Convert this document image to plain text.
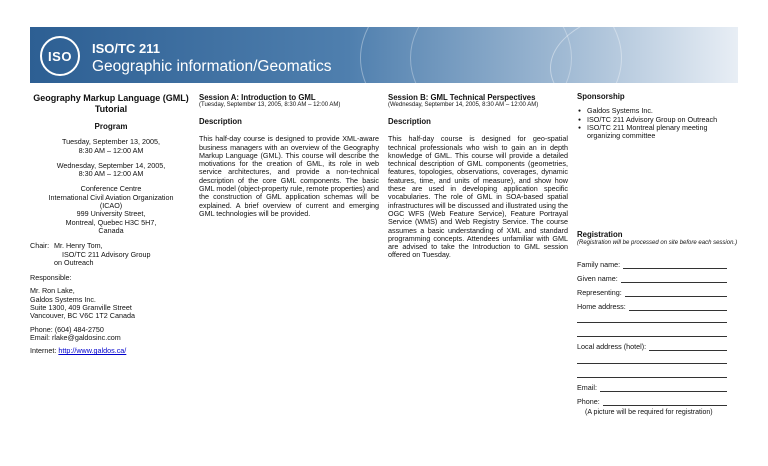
ISO ISO/TC 211
Geographic information/Geomatics
Geography Markup Language (GML) Tutorial
Program
Tuesday, September 13, 2005,
8:30 AM – 12:00 AM
Wednesday, September 14, 2005,
8:30 AM – 12:00 AM
Conference Centre
International Civil Aviation Organization
(ICAO)
999 University Street,
Montreal, Quebec H3C 5H7,
Canada
Chair: Mr. Henry Tom,
ISO/TC 211 Advisory Group
on Outreach
Responsible:
Mr. Ron Lake,
Galdos Systems Inc.
Suite 1300, 409 Granville Street
Vancouver, BC V6C 1T2 Canada
Phone: (604) 484-2750
Email: rlake@galdosinc.com
Internet: http://www.galdos.ca/
Session A: Introduction to GML
(Tuesday, September 13, 2005, 8:30 AM – 12:00 AM)
Description
This half-day course is designed to provide XML-aware business managers with an overview of the Geography Markup Language (GML). This course will describe the motivations for the creation of GML, its role in web service architectures, and provide a non-technical description of the core GML components. The basic GML model (object-property rule, remote properties) and the construction of GML application schemas will be explained. A brief overview of current and emerging GML technologies will be provided.
Session B: GML Technical Perspectives
(Wednesday, September 14, 2005, 8:30 AM – 12:00 AM)
Description
This half-day course is designed for geo-spatial technical professionals who wish to gain an in depth knowledge of GML. This course will provide a detailed technical description of GML components (geometries, features, topologies, observations, coverages, dynamic features, time, and units of measure), and show how these are used in developing application specific vocabularies. The role of GML in SOA-based spatial infrastructures will be discussed and illustrated using the OGC WFS (Web Feature Service), Feature Portrayal Service (WMS) and Web Registry Service. The course assumes a basic understanding of XML and standard programming concepts. Attendees unfamiliar with GML are advised to take the Introduction to GML session offered on Tuesday.
Sponsorship
● Galdos Systems Inc.
● ISO/TC 211 Advisory Group on Outreach
● ISO/TC 211 Montreal plenary meeting organizing committee
Registration
(Registration will be processed on site before each session.)
Family name:
Given name:
Representing:
Home address:
Local address (hotel):
Email:
Phone:
(A picture will be required for registration)
